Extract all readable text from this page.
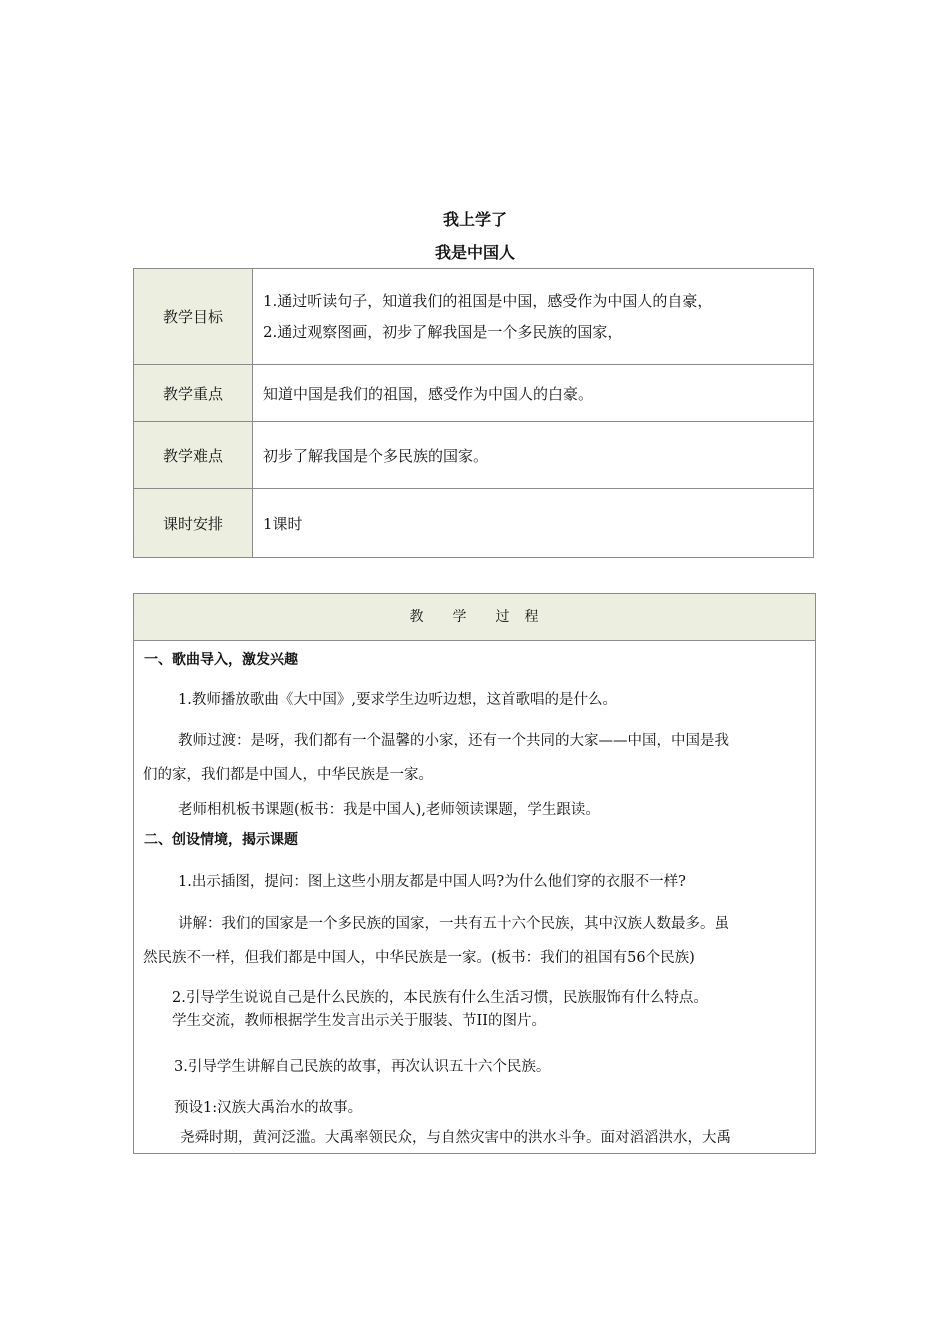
我上学了
我是中国人
教学目标	1.通过听读句子，知道我们的祖国是中国，感受作为中国人的自豪，
2.通过观察图画，初步了解我国是一个多民族的国家，

教学重点	知道中国是我们的祖国，感受作为中国人的白豪。
教学难点	初步了解我国是个多民族的国家。
课时安排	1课时
教 学 过 程
一、歌曲导入，激发兴趣
1.教师播放歌曲《大中国》,要求学生边听边想，这首歌唱的是什么。
教师过渡：是呀，我们都有一个温馨的小家，还有一个共同的大家——中国，中国是我
们的家，我们都是中国人，中华民族是一家。
老师相机板书课题(板书：我是中国人),老师领读课题，学生跟读。
二、创设情境，揭示课题
1.出示插图，提问：图上这些小朋友都是中国人吗?为什么他们穿的衣服不一样?
讲解：我们的国家是一个多民族的国家，一共有五十六个民族，其中汉族人数最多。虽
然民族不一样，但我们都是中国人，中华民族是一家。(板书：我们的祖国有56个民族)
2.引导学生说说自己是什么民族的，本民族有什么生活习惯，民族服饰有什么特点。
学生交流，教师根据学生发言出示关于服装、节II的图片。
3.引导学生讲解自己民族的故事，再次认识五十六个民族。
预设1:汉族大禹治水的故事。
尧舜时期，黄河泛滥。大禹率领民众，与自然灾害中的洪水斗争。面对滔滔洪水，大禹
